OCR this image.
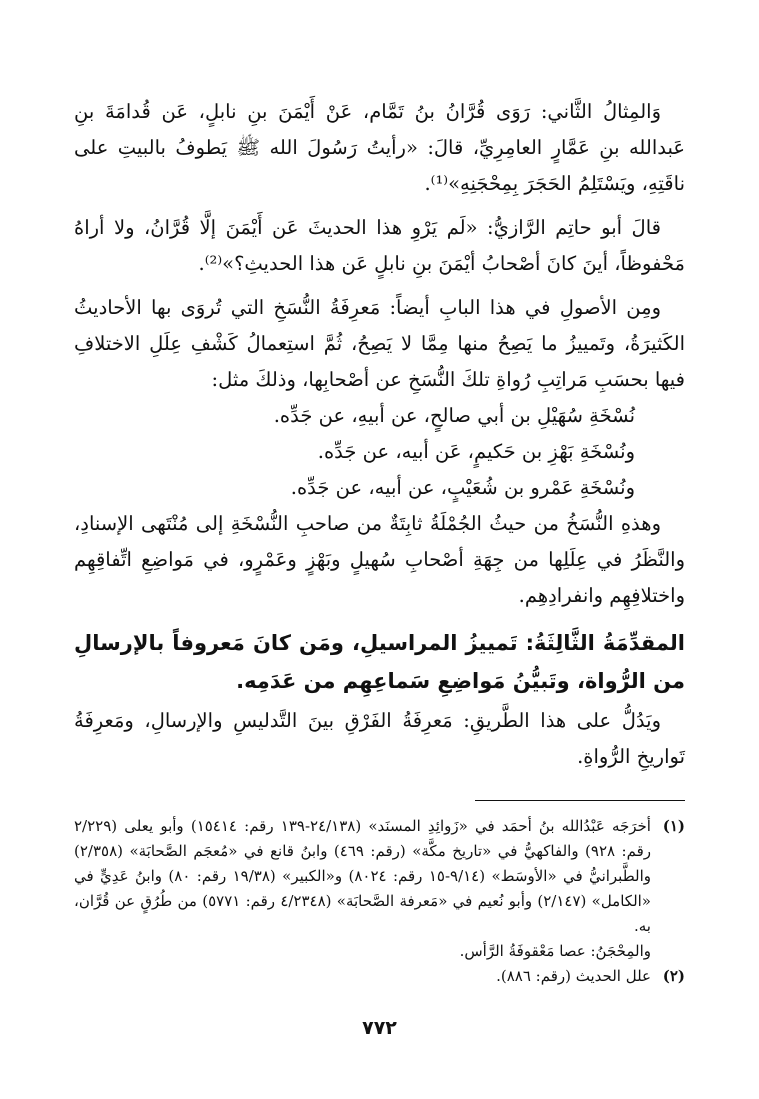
وَالمِثالُ الثَّاني: رَوَى قُرَّانُ بنُ تَمَّام، عَنْ أَيْمَنَ بنِ نابلٍ، عَن قُدامَةَ بنِ عَبدالله بنِ عَمَّارٍ العامِرِيِّ، قالَ: «رأيتُ رَسُولَ الله ﷺ يَطوفُ بالبيتِ على ناقَتِهِ، ويَسْتَلِمُ الحَجَرَ بِمِحْجَنِهِ»⁽¹⁾.

قالَ أبو حاتِم الرَّازيُّ: «لَم يَرْوِ هذا الحديثَ عَن أَيْمَنَ إلَّا قُرَّانُ، ولا أراهُ مَحْفوظاً، أينَ كانَ أصْحابُ أيْمَنَ بنِ نابلٍ عَن هذا الحديثِ؟»⁽²⁾.

ومِن الأصولِ في هذا البابِ أيضاً: مَعرِفَةُ النُّسَخِ التي تُروَى بها الأحاديثُ الكَثيرَةُ، وتَمييزُ ما يَصِحُ منها مِمَّا لا يَصِحُ، ثُمَّ استِعمالُ كَشْفِ عِلَلِ الاختلافِ فيها بحسَبِ مَراتِبِ رُواةِ تلكَ النُّسَخِ عن أصْحابِها، وذلكَ مثل:

نُسْخَةِ سُهَيْلِ بن أبي صالحٍ، عن أبيهِ، عن جَدِّه.

ونُسْخَةِ بَهْزِ بن حَكيمٍ، عَن أبيه، عن جَدِّه.

ونُسْخَةِ عَمْرو بن شُعَيْبٍ، عن أبيه، عن جَدِّه.

وهذهِ النُّسَخُ من حيثُ الجُمْلَةُ ثابِتَةٌ من صاحبِ النُّسْخَةِ إلى مُنْتَهى الإسنادِ، والنَّظَرُ في عِلَلِها من جِهَةِ أصْحابِ سُهيلٍ وبَهْزٍ وعَمْرٍو، في مَواضِعِ اتِّفاقِهِم واختلافِهِم وانفرادِهِم.

المقدِّمَةُ الثَّالِثَةُ: تَمييزُ المراسيلِ، ومَن كانَ مَعروفاً بالإرسالِ من الرُّواة، وتَبيُّنُ مَواضِعِ سَماعِهِم من عَدَمِه.

ويَدُلُّ على هذا الطَّريقِ: مَعرِفَةُ الفَرْقِ بينَ التَّدليسِ والإرسالِ، ومَعرِفَةُ تَواريخِ الرُّواةِ.

(١)
أخرَجَه عَبْدُالله بنُ أحمَد في «زَوائِدِ المسنَد» (٢٤/١٣٨-١٣٩ رقم: ١٥٤١٤) وأبو يعلى (٢/٢٢٩ رقم: ٩٢٨) والفاكهيُّ في «تاريخ مكَّة» (رقم: ٤٦٩) وابنُ قانع في «مُعجَم الصَّحابَة» (٢/٣٥٨) والطَّبرانيُّ في «الأوسَط» (٩/١٤-١٥ رقم: ٨٠٢٤) و«الكبير» (١٩/٣٨ رقم: ٨٠) وابنُ عَدِيٍّ في «الكامل» (٢/١٤٧) وأبو نُعيم في «مَعرفة الصَّحابَة» (٤/٢٣٤٨ رقم: ٥٧٧١) من طُرُقٍ عن قُرَّان، به.
والمِحْجَنُ: عصا مَعْقوفَةُ الرَّأس.
(٢)
علل الحديث (رقم: ٨٨٦).
٧٧٢
